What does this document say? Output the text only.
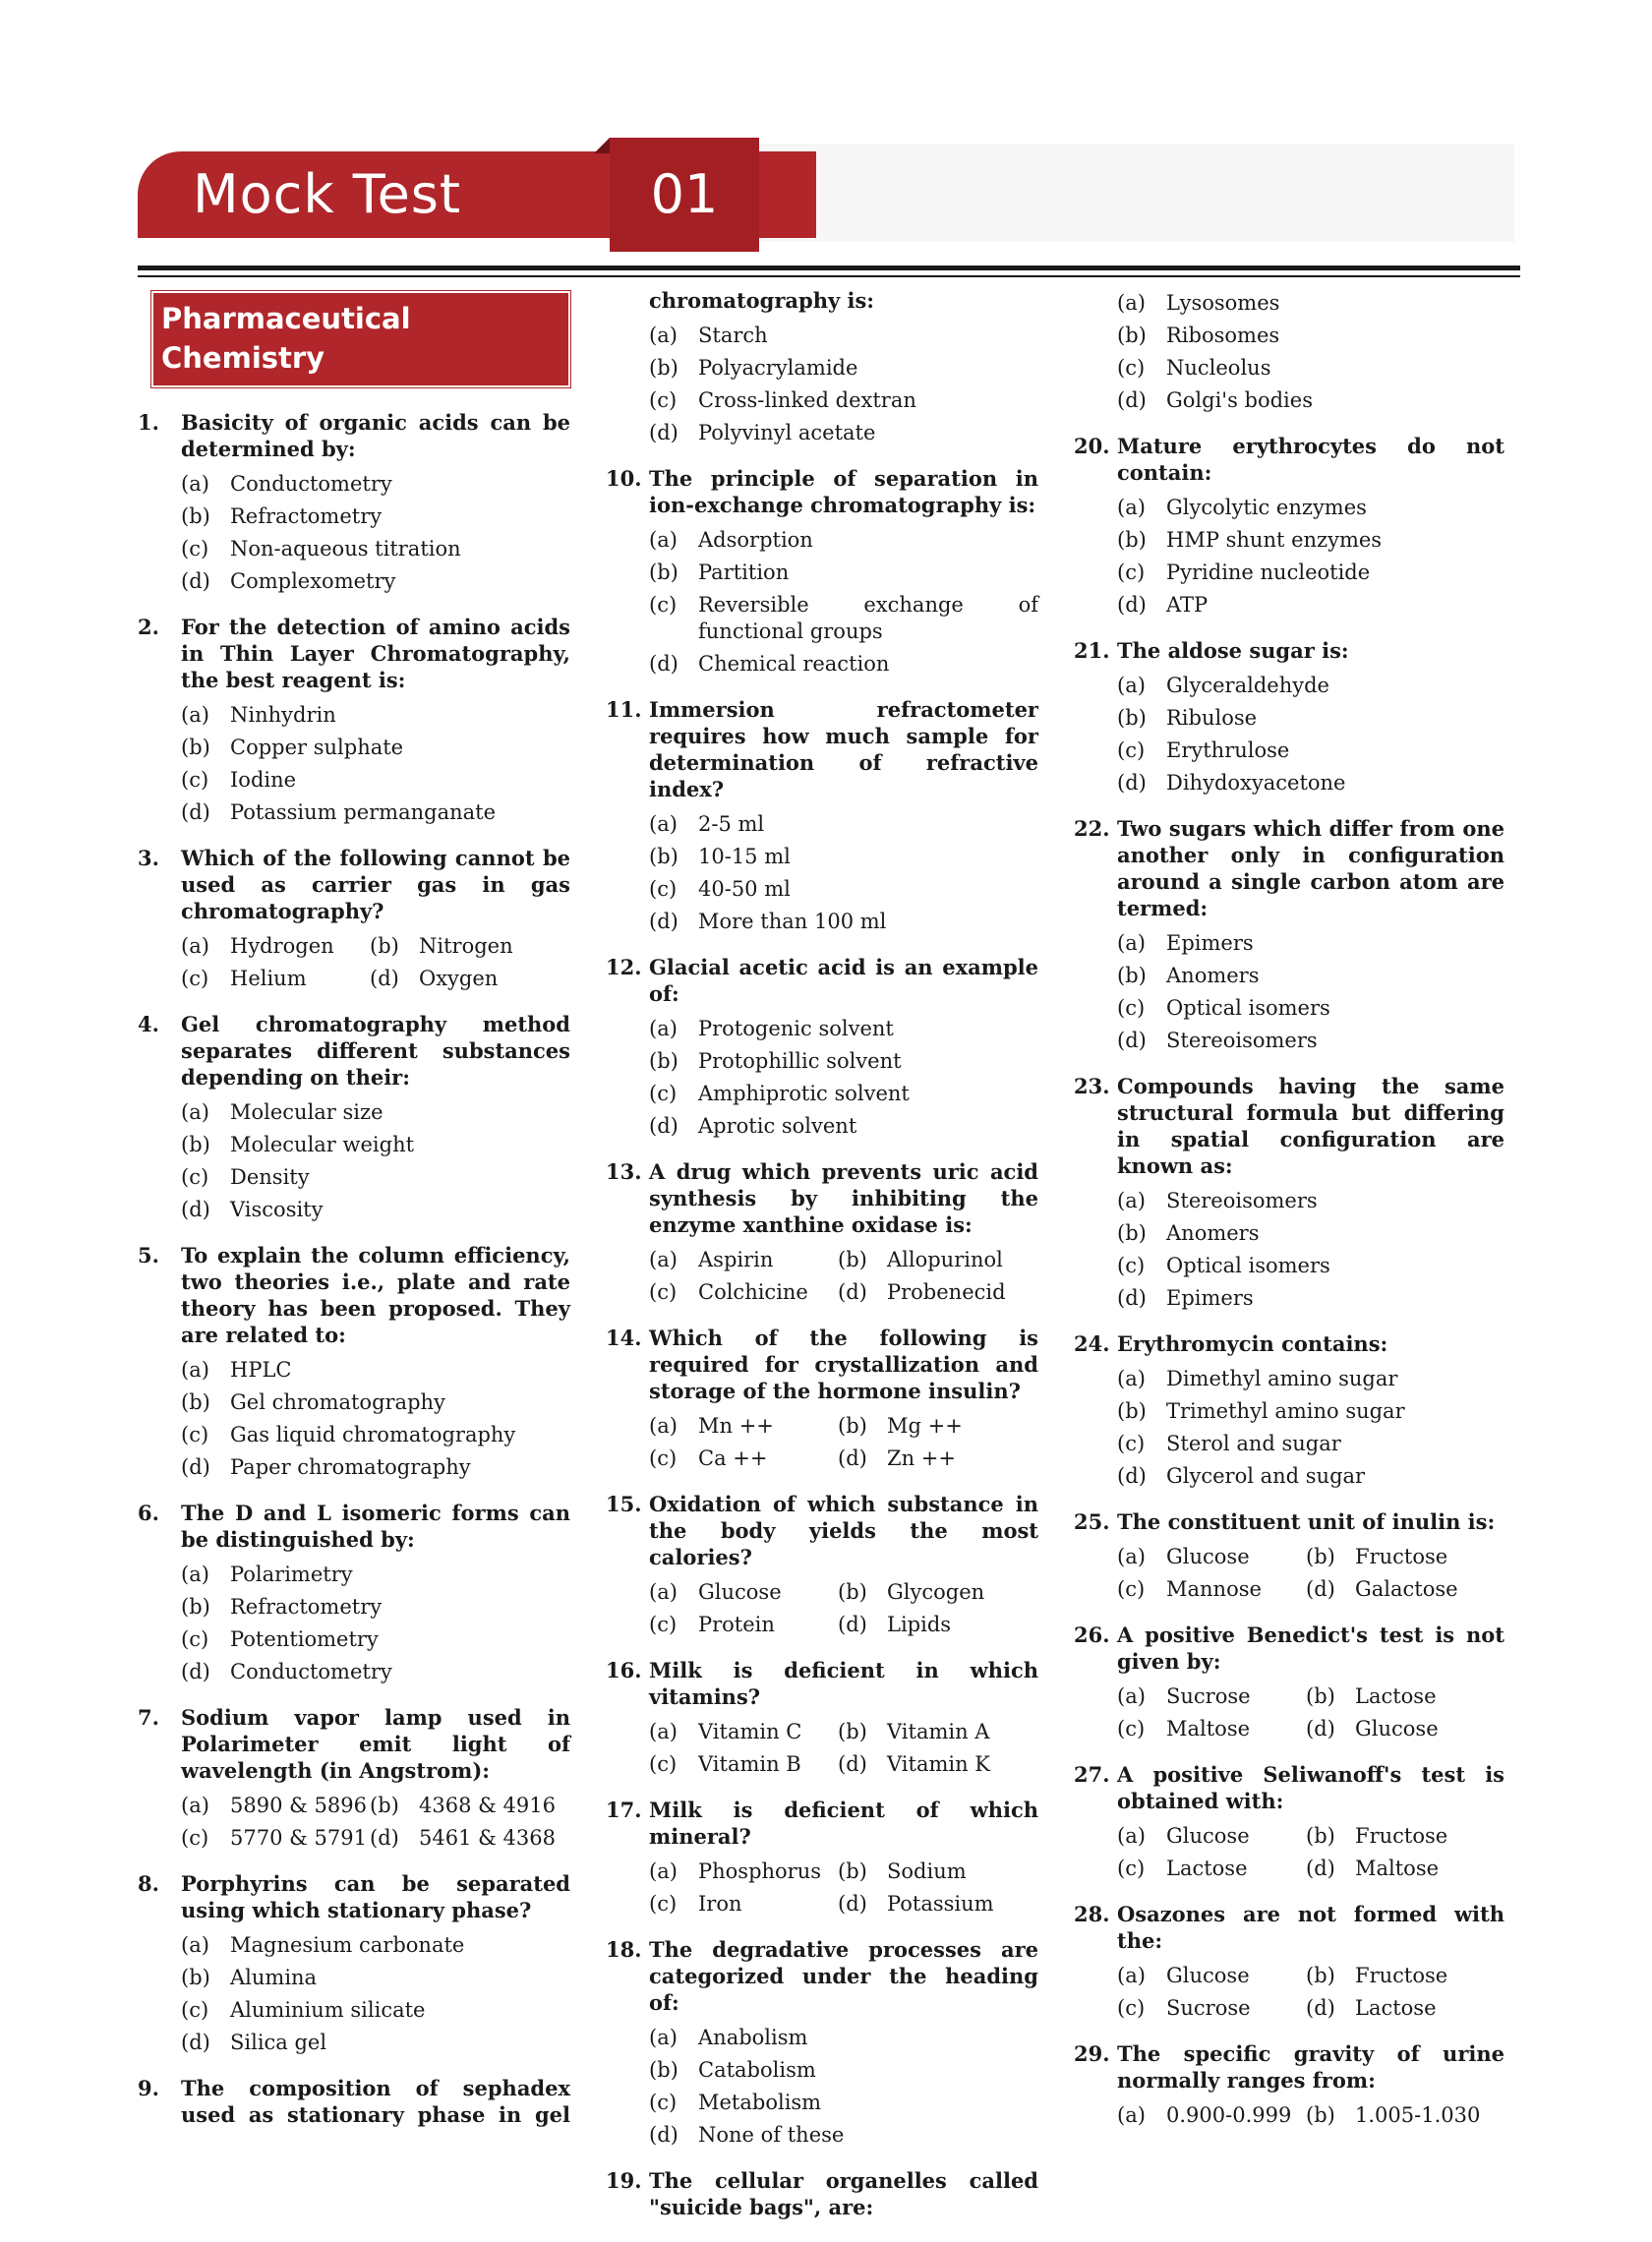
Mock Test	01
Pharmaceutical Chemistry
1.	Basicity of organic acids can be determined by:
(a)	Conductometry
(b) Refractometry
(c)	Non-aqueous titration
(d) Complexometry
2.	For the detection of amino acids in Thin Layer Chromatography, the best reagent is:
(a)	Ninhydrin
(b) Copper sulphate
(c)	Iodine
(d) Potassium permanganate
3.	Which of the following cannot be used as carrier gas in gas chromatography?
(a)	Hydrogen	(b) Nitrogen
(c)	Helium	(d) Oxygen
4.	Gel chromatography method separates different substances depending on their:
(a)	Molecular size
(b) Molecular weight
(c)	Density
(d) Viscosity
5.	To explain the column efficiency, two theories i.e., plate and rate theory has been proposed. They are related to:
(a)	HPLC
(b) Gel chromatography
(c)	Gas liquid chromatography
(d) Paper chromatography
6.	The D and L isomeric forms can be distinguished by:
(a)	Polarimetry
(b) Refractometry
(c)	Potentiometry
(d) Conductometry
7.	Sodium vapor lamp used in Polarimeter emit light of wavelength (in Angstrom):
(a)	5890 & 5896 (b) 4368 & 4916
(c)	5770 & 5791 (d) 5461 & 4368
8.	Porphyrins can be separated using which stationary phase?
(a)	Magnesium carbonate
(b) Alumina
(c)	Aluminium silicate
(d) Silica gel
9.	The composition of sephadex used as stationary phase in gel
chromatography is:
(a)	Starch
(b) Polyacrylamide
(c)	Cross-linked dextran
(d) Polyvinyl acetate
10. The principle of separation in ion-exchange chromatography is:
(a)	Adsorption
(b) Partition
(c)	Reversible exchange of functional groups
(d) Chemical reaction
11. Immersion refractometer requires how much sample for determination of refractive index?
(a)	2-5 ml
(b) 10-15 ml
(c)	40-50 ml
(d) More than 100 ml
12. Glacial acetic acid is an example of:
(a)	Protogenic solvent
(b) Protophillic solvent
(c)	Amphiprotic solvent
(d) Aprotic solvent
13. A drug which prevents uric acid synthesis by inhibiting the enzyme xanthine oxidase is:
(a)	Aspirin	(b) Allopurinol
(c)	Colchicine	(d) Probenecid
14. Which of the following is required for crystallization and storage of the hormone insulin?
(a)	Mn ++	(b) Mg ++
(c)	Ca ++	(d) Zn ++
15. Oxidation of which substance in the body yields the most calories?
(a)	Glucose	(b) Glycogen
(c)	Protein	(d) Lipids
16. Milk is deficient in which vitamins?
(a)	Vitamin C	(b) Vitamin A
(c)	Vitamin B	(d) Vitamin K
17. Milk is deficient of which mineral?
(a)	Phosphorus (b) Sodium
(c)	Iron	(d) Potassium
18. The degradative processes are categorized under the heading of:
(a)	Anabolism
(b) Catabolism
(c)	Metabolism
(d) None of these
19. The cellular organelles called "suicide bags", are:
(a)	Lysosomes
(b) Ribosomes
(c)	Nucleolus
(d) Golgi's bodies
20. Mature erythrocytes do not contain:
(a)	Glycolytic enzymes
(b) HMP shunt enzymes
(c)	Pyridine nucleotide
(d) ATP
21. The aldose sugar is:
(a)	Glyceraldehyde
(b) Ribulose
(c)	Erythrulose
(d) Dihydoxyacetone
22. Two sugars which differ from one another only in configuration around a single carbon atom are termed:
(a)	Epimers
(b) Anomers
(c)	Optical isomers
(d) Stereoisomers
23. Compounds having the same structural formula but differing in spatial configuration are known as:
(a)	Stereoisomers
(b) Anomers
(c)	Optical isomers
(d) Epimers
24. Erythromycin contains:
(a)	Dimethyl amino sugar
(b) Trimethyl amino sugar
(c)	Sterol and sugar
(d) Glycerol and sugar
25. The constituent unit of inulin is:
(a)	Glucose	(b) Fructose
(c)	Mannose	(d) Galactose
26. A positive Benedict's test is not given by:
(a)	Sucrose	(b) Lactose
(c)	Maltose	(d) Glucose
27. A positive Seliwanoff's test is obtained with:
(a)	Glucose	(b) Fructose
(c)	Lactose	(d) Maltose
28. Osazones are not formed with the:
(a)	Glucose	(b) Fructose
(c)	Sucrose	(d) Lactose
29. The specific gravity of urine normally ranges from:
(a)	0.900-0.999 (b) 1.005-1.030
